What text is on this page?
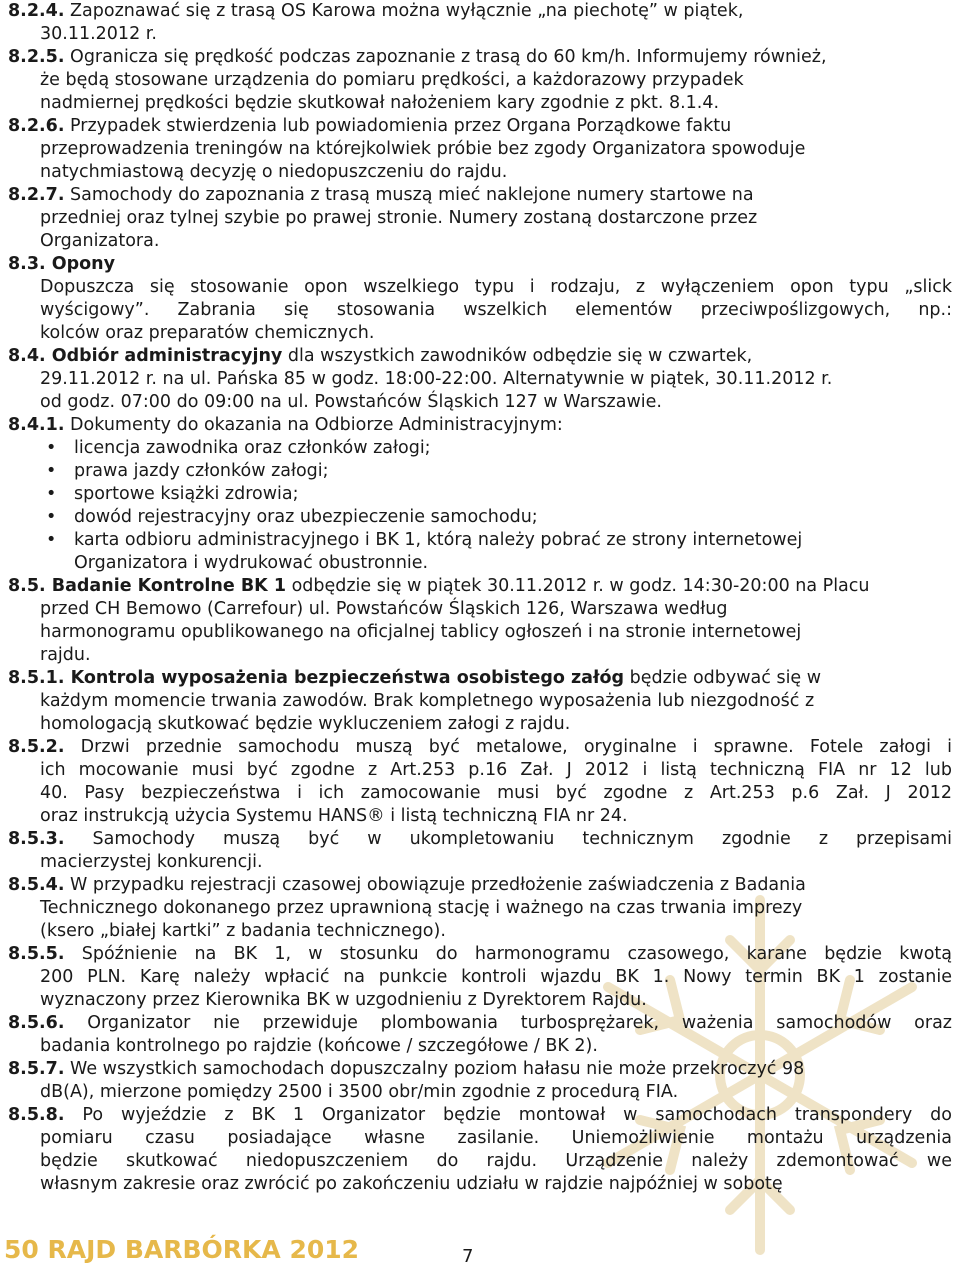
8.2.4. Zapoznawać się z trasą OS Karowa można wyłącznie „na piechotę” w piątek,
30.11.2012 r.
8.2.5. Ogranicza się prędkość podczas zapoznanie z trasą do 60 km/h. Informujemy również,
że będą stosowane urządzenia do pomiaru prędkości, a każdorazowy przypadek
nadmiernej prędkości będzie skutkował nałożeniem kary zgodnie z pkt. 8.1.4.
8.2.6. Przypadek stwierdzenia lub powiadomienia przez Organa Porządkowe faktu
przeprowadzenia treningów na którejkolwiek próbie bez zgody Organizatora spowoduje
natychmiastową decyzję o niedopuszczeniu do rajdu.
8.2.7. Samochody do zapoznania z trasą muszą mieć naklejone numery startowe na
przedniej oraz tylnej szybie po prawej stronie. Numery zostaną dostarczone przez
Organizatora.
8.3. Opony
Dopuszcza się stosowanie opon wszelkiego typu i rodzaju, z wyłączeniem opon typu „slick
wyścigowy”. Zabrania się stosowania wszelkich elementów przeciwpoślizgowych, np.:
kolców oraz preparatów chemicznych.
8.4. Odbiór administracyjny dla wszystkich zawodników odbędzie się w czwartek,
29.11.2012 r. na ul. Pańska 85 w godz. 18:00-22:00. Alternatywnie w piątek, 30.11.2012 r.
od godz. 07:00 do 09:00 na ul. Powstańców Śląskich 127 w Warszawie.
8.4.1. Dokumenty do okazania na Odbiorze Administracyjnym:
• licencja zawodnika oraz członków załogi;
• prawa jazdy członków załogi;
• sportowe książki zdrowia;
• dowód rejestracyjny oraz ubezpieczenie samochodu;
• karta odbioru administracyjnego i BK 1, którą należy pobrać ze strony internetowej
Organizatora i wydrukować obustronnie.
8.5. Badanie Kontrolne BK 1 odbędzie się w piątek 30.11.2012 r. w godz. 14:30-20:00 na Placu
przed CH Bemowo (Carrefour) ul. Powstańców Śląskich 126, Warszawa według
harmonogramu opublikowanego na oficjalnej tablicy ogłoszeń i na stronie internetowej
rajdu.
8.5.1. Kontrola wyposażenia bezpieczeństwa osobistego załóg będzie odbywać się w
każdym momencie trwania zawodów. Brak kompletnego wyposażenia lub niezgodność z
homologacją skutkować będzie wykluczeniem załogi z rajdu.
8.5.2. Drzwi przednie samochodu muszą być metalowe, oryginalne i sprawne. Fotele załogi i
ich mocowanie musi być zgodne z Art.253 p.16 Zał. J 2012 i listą techniczną FIA nr 12 lub
40. Pasy bezpieczeństwa i ich zamocowanie musi być zgodne z Art.253 p.6 Zał. J 2012
oraz instrukcją użycia Systemu HANS® i listą techniczną FIA nr 24.
8.5.3. Samochody muszą być w ukompletowaniu technicznym zgodnie z przepisami
macierzystej konkurencji.
8.5.4. W przypadku rejestracji czasowej obowiązuje przedłożenie zaświadczenia z Badania
Technicznego dokonanego przez uprawnioną stację i ważnego na czas trwania imprezy
(ksero „białej kartki” z badania technicznego).
8.5.5. Spóźnienie na BK 1, w stosunku do harmonogramu czasowego, karane będzie kwotą
200 PLN. Karę należy wpłacić na punkcie kontroli wjazdu BK 1. Nowy termin BK 1 zostanie
wyznaczony przez Kierownika BK w uzgodnieniu z Dyrektorem Rajdu.
8.5.6. Organizator nie przewiduje plombowania turbosprężarek, ważenia samochodów oraz
badania kontrolnego po rajdzie (końcowe / szczegółowe / BK 2).
8.5.7. We wszystkich samochodach dopuszczalny poziom hałasu nie może przekroczyć 98
dB(A), mierzone pomiędzy 2500 i 3500 obr/min zgodnie z procedurą FIA.
8.5.8. Po wyjeździe z BK 1 Organizator będzie montował w samochodach transpondery do
pomiaru czasu posiadające własne zasilanie. Uniemożliwienie montażu urządzenia
będzie skutkować niedopuszczeniem do rajdu. Urządzenie należy zdemontować we
własnym zakresie oraz zwrócić po zakończeniu udziału w rajdzie najpóźniej w sobotę
50 RAJD BARBÓRKA 2012	7
